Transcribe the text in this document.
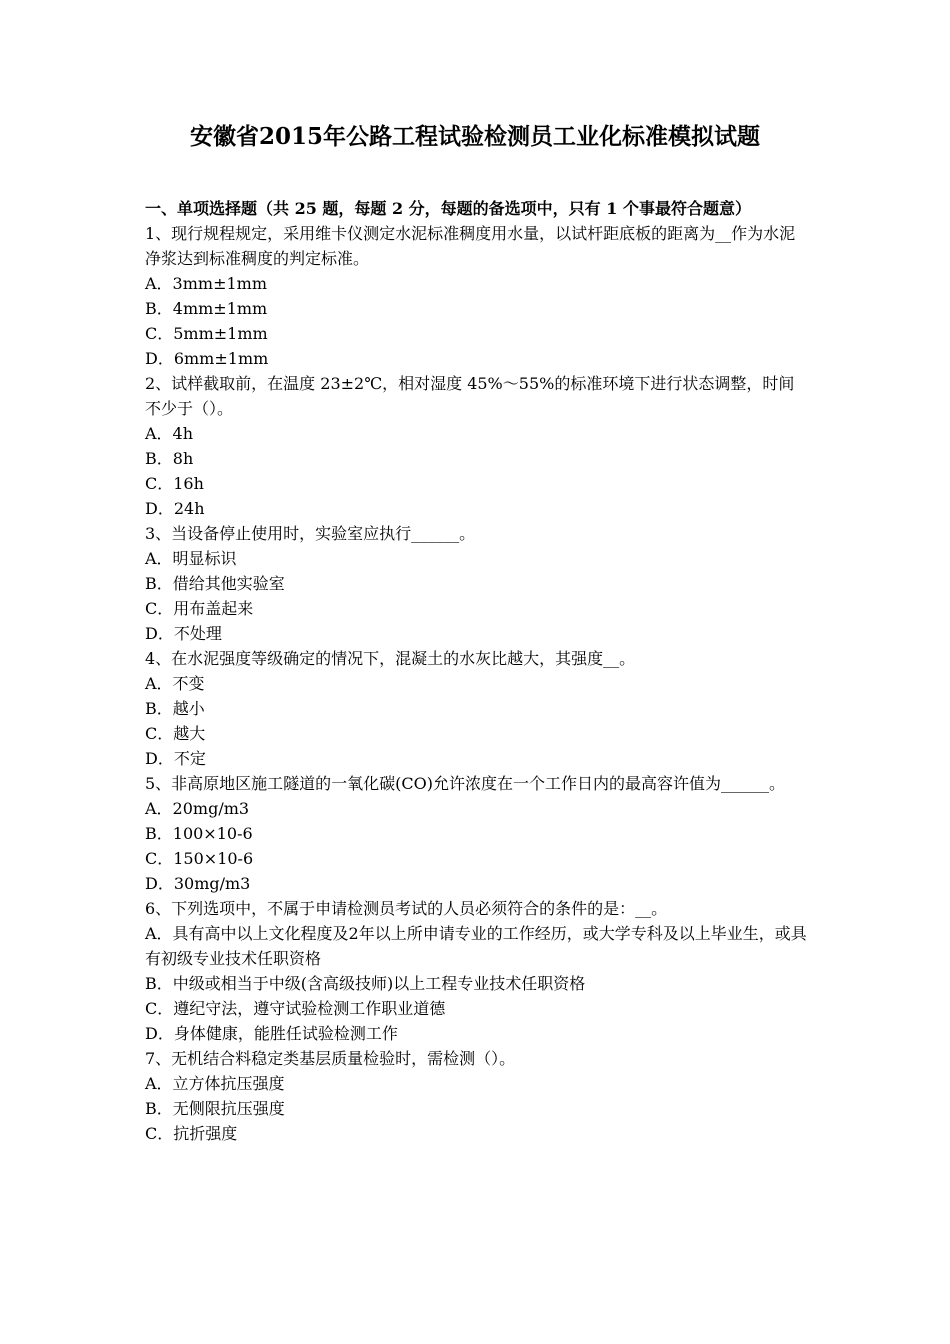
安徽省2015年公路工程试验检测员工业化标准模拟试题
一、单项选择题（共 25 题，每题 2 分，每题的备选项中，只有 1 个事最符合题意）
1、现行规程规定，采用维卡仪测定水泥标准稠度用水量，以试杆距底板的距离为__作为水泥净浆达到标准稠度的判定标准。
A．3mm±1mm
B．4mm±1mm
C．5mm±1mm
D．6mm±1mm
2、试样截取前，在温度 23±2℃，相对湿度 45%～55%的标准环境下进行状态调整，时间不少于（）。
A．4h
B．8h
C．16h
D．24h
3、当设备停止使用时，实验室应执行______。
A．明显标识
B．借给其他实验室
C．用布盖起来
D．不处理
4、在水泥强度等级确定的情况下，混凝土的水灰比越大，其强度__。
A．不变
B．越小
C．越大
D．不定
5、非高原地区施工隧道的一氧化碳(CO)允许浓度在一个工作日内的最高容许值为______。
A．20mg/m3
B．100×10-6
C．150×10-6
D．30mg/m3
6、下列选项中，不属于申请检测员考试的人员必须符合的条件的是：__。
A．具有高中以上文化程度及2年以上所申请专业的工作经历，或大学专科及以上毕业生，或具有初级专业技术任职资格
B．中级或相当于中级(含高级技师)以上工程专业技术任职资格
C．遵纪守法，遵守试验检测工作职业道德
D．身体健康，能胜任试验检测工作
7、无机结合料稳定类基层质量检验时，需检测（）。
A．立方体抗压强度
B．无侧限抗压强度
C．抗折强度
